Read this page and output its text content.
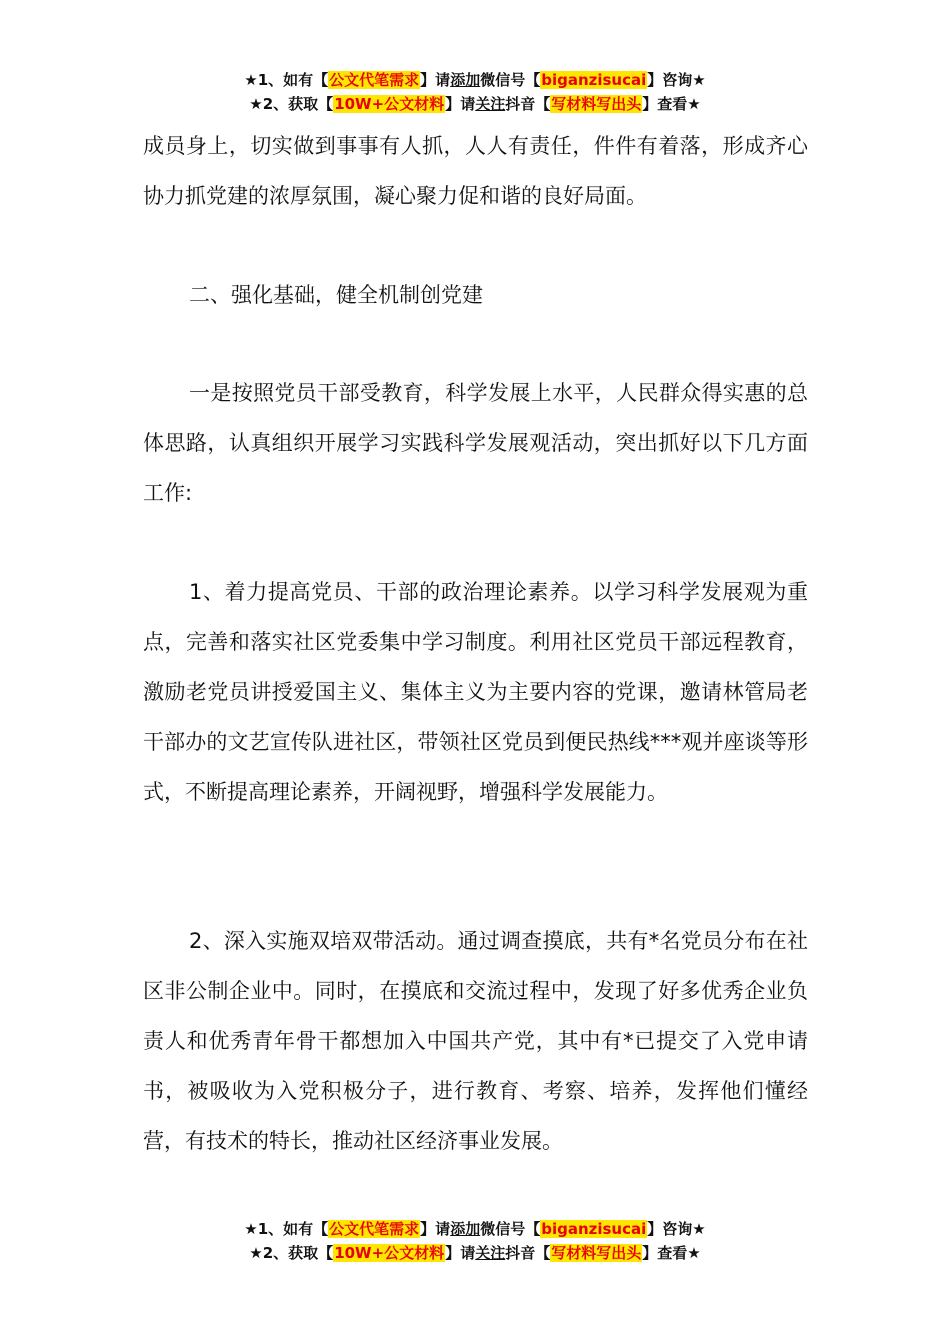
★1、如有【公文代笔需求】请添加微信号【biganzisucai】咨询★
★2、获取【10W+公文材料】请关注抖音【写材料写出头】查看★

成员身上，切实做到事事有人抓，人人有责任，件件有着落，形成齐心协力抓党建的浓厚氛围，凝心聚力促和谐的良好局面。

二、强化基础，健全机制创党建

一是按照党员干部受教育，科学发展上水平，人民群众得实惠的总体思路，认真组织开展学习实践科学发展观活动，突出抓好以下几方面工作:

1、着力提高党员、干部的政治理论素养。以学习科学发展观为重点，完善和落实社区党委集中学习制度。利用社区党员干部远程教育，激励老党员讲授爱国主义、集体主义为主要内容的党课，邀请林管局老干部办的文艺宣传队进社区，带领社区党员到便民热线***观并座谈等形式，不断提高理论素养，开阔视野，增强科学发展能力。

2、深入实施双培双带活动。通过调查摸底，共有*名党员分布在社区非公制企业中。同时，在摸底和交流过程中，发现了好多优秀企业负责人和优秀青年骨干都想加入中国共产党，其中有*已提交了入党申请书，被吸收为入党积极分子，进行教育、考察、培养，发挥他们懂经营，有技术的特长，推动社区经济事业发展。

★1、如有【公文代笔需求】请添加微信号【biganzisucai】咨询★
★2、获取【10W+公文材料】请关注抖音【写材料写出头】查看★
